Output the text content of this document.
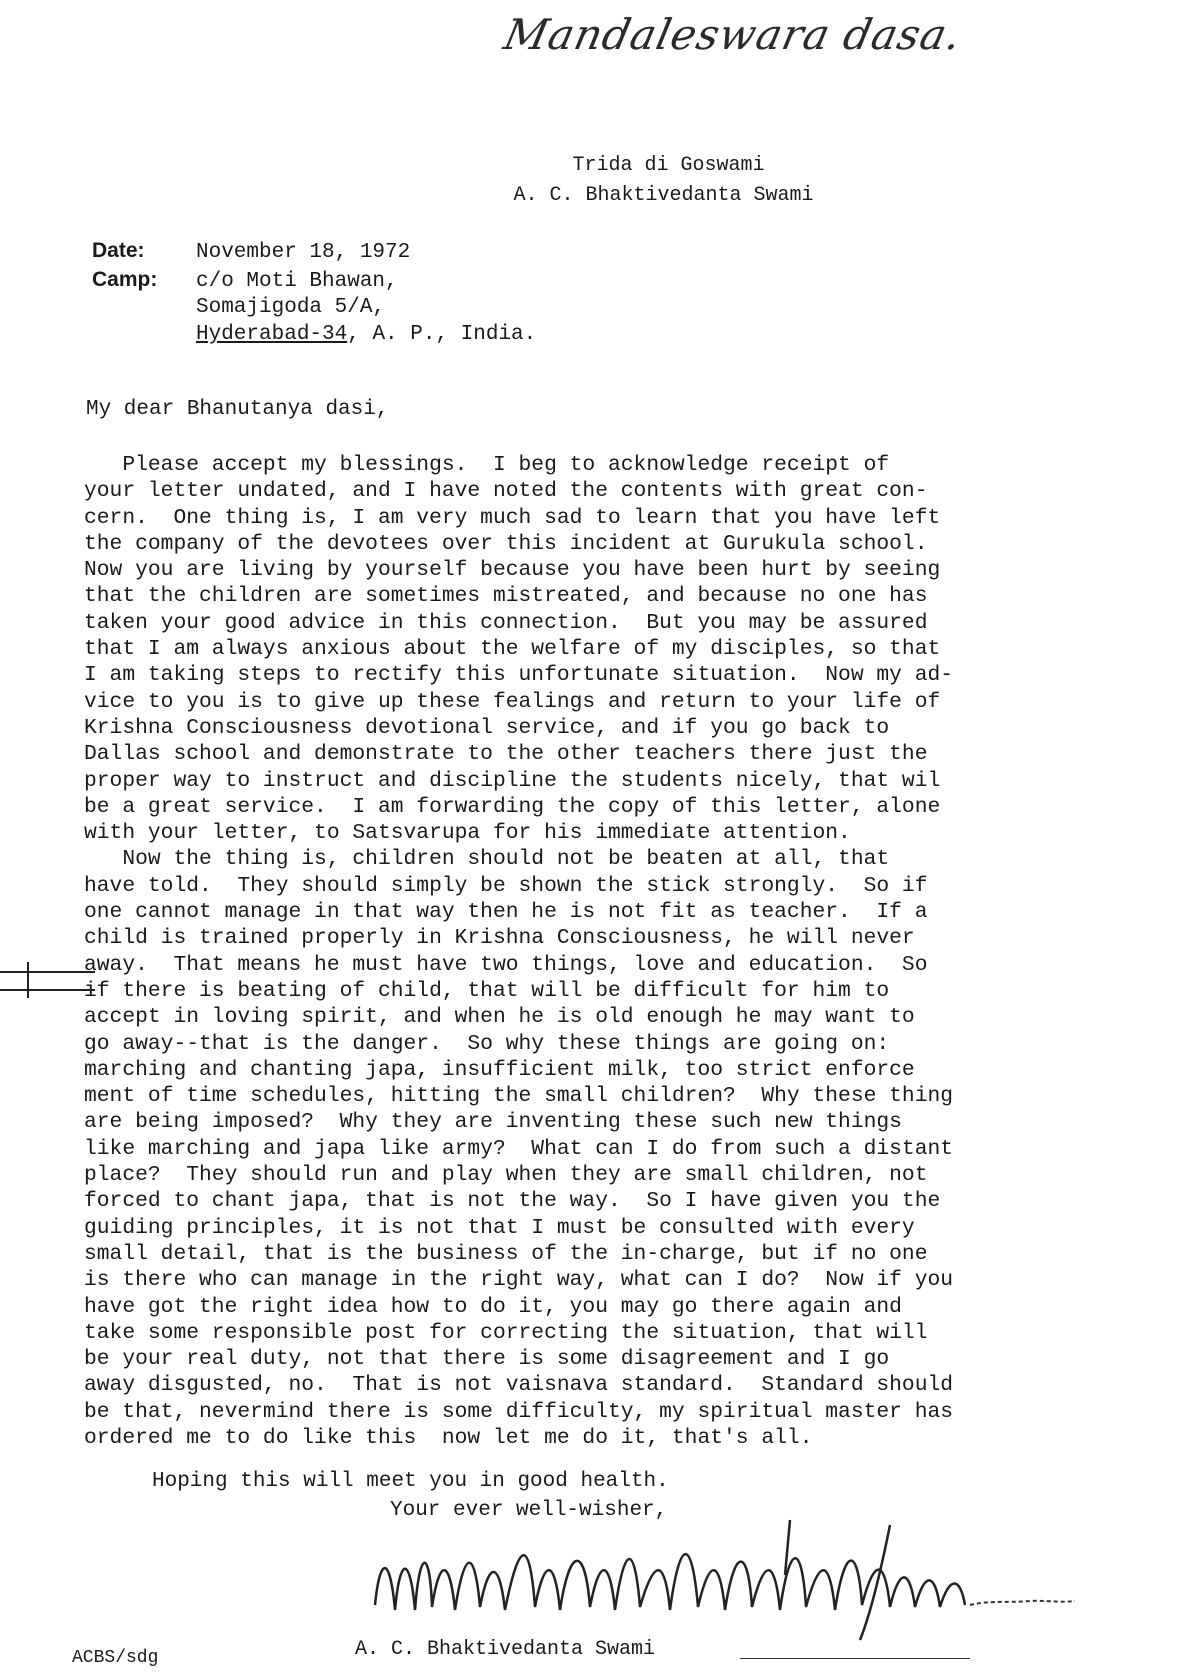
Mandaleswara dasa.
Trida di Goswami
A. C. Bhaktivedanta Swami
Date: November 18, 1972
Camp: c/o Moti Bhawan,
Somajigoda 5/A,
Hyderabad-34, A. P., India.
My dear Bhanutanya dasi,
Please accept my blessings.  I beg to acknowledge receipt of
your letter undated, and I have noted the contents with great con-
cern.  One thing is, I am very much sad to learn that you have left
the company of the devotees over this incident at Gurukula school.
Now you are living by yourself because you have been hurt by seeing
that the children are sometimes mistreated, and because no one has
taken your good advice in this connection.  But you may be assured
that I am always anxious about the welfare of my disciples, so that
I am taking steps to rectify this unfortunate situation.  Now my ad-
vice to you is to give up these fealings and return to your life of
Krishna Consciousness devotional service, and if you go back to
Dallas school and demonstrate to the other teachers there just the
proper way to instruct and discipline the students nicely, that wil
be a great service.  I am forwarding the copy of this letter, alone
with your letter, to Satsvarupa for his immediate attention.
Now the thing is, children should not be beaten at all, that
have told.  They should simply be shown the stick strongly.  So if
one cannot manage in that way then he is not fit as teacher.  If a
child is trained properly in Krishna Consciousness, he will never
away.  That means he must have two things, love and education.  So
if there is beating of child, that will be difficult for him to
accept in loving spirit, and when he is old enough he may want to
go away--that is the danger.  So why these things are going on:
marching and chanting japa, insufficient milk, too strict enforce
ment of time schedules, hitting the small children?  Why these thing
are being imposed?  Why they are inventing these such new things
like marching and japa like army?  What can I do from such a distant
place?  They should run and play when they are small children, not
forced to chant japa, that is not the way.  So I have given you the
guiding principles, it is not that I must be consulted with every
small detail, that is the business of the in-charge, but if no one
is there who can manage in the right way, what can I do?  Now if you
have got the right idea how to do it, you may go there again and
take some responsible post for correcting the situation, that will
be your real duty, not that there is some disagreement and I go
away disgusted, no.  That is not vaisnava standard.  Standard should
be that, nevermind there is some difficulty, my spiritual master has
ordered me to do like this  now let me do it, that's all.
Hoping this will meet you in good health.
Your ever well-wisher,
A. C. Bhaktivedanta Swami
ACBS/sdg
